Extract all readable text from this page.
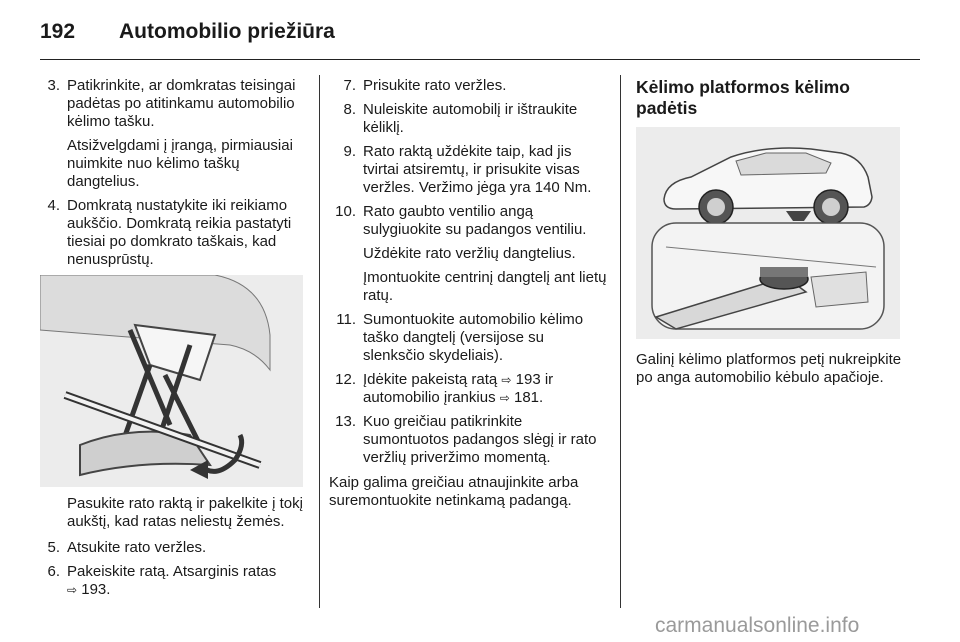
192 Automobilio priežiūra
3. Patikrinkite, ar domkratas teisingai padėtas po atitinkamu automobilio kėlimo tašku.
Atsižvelgdami į įrangą, pirmiausiai nuimkite nuo kėlimo taškų dangtelius.
4. Domkratą nustatykite iki reikiamo aukščio. Domkratą reikia pastatyti tiesiai po domkrato taškais, kad nenusprūstų.
Pasukite rato raktą ir pakelkite į tokį aukštį, kad ratas neliestų žemės.
5. Atsukite rato veržles.
6. Pakeiskite ratą. Atsarginis ratas
⇨ 193.
7. Prisukite rato veržles.
8. Nuleiskite automobilį ir ištraukite kėliklį.
9. Rato raktą uždėkite taip, kad jis tvirtai atsiremtų, ir prisukite visas veržles. Veržimo jėga yra 140 Nm.
10. Rato gaubto ventilio angą sulygiuokite su padangos ventiliu.
Uždėkite rato veržlių dangtelius.
Įmontuokite centrinį dangtelį ant lietų ratų.
11. Sumontuokite automobilio kėlimo taško dangtelį (versijose su slenksčio skydeliais).
12. Įdėkite pakeistą ratą ⇨ 193 ir automobilio įrankius ⇨ 181.
13. Kuo greičiau patikrinkite sumontuotos padangos slėgį ir rato veržlių priveržimo momentą.
Kaip galima greičiau atnaujinkite arba suremontuokite netinkamą padangą.
Kėlimo platformos kėlimo padėtis
Galinį kėlimo platformos petį nukreipkite po anga automobilio kėbulo apačioje.
carmanualsonline.info
